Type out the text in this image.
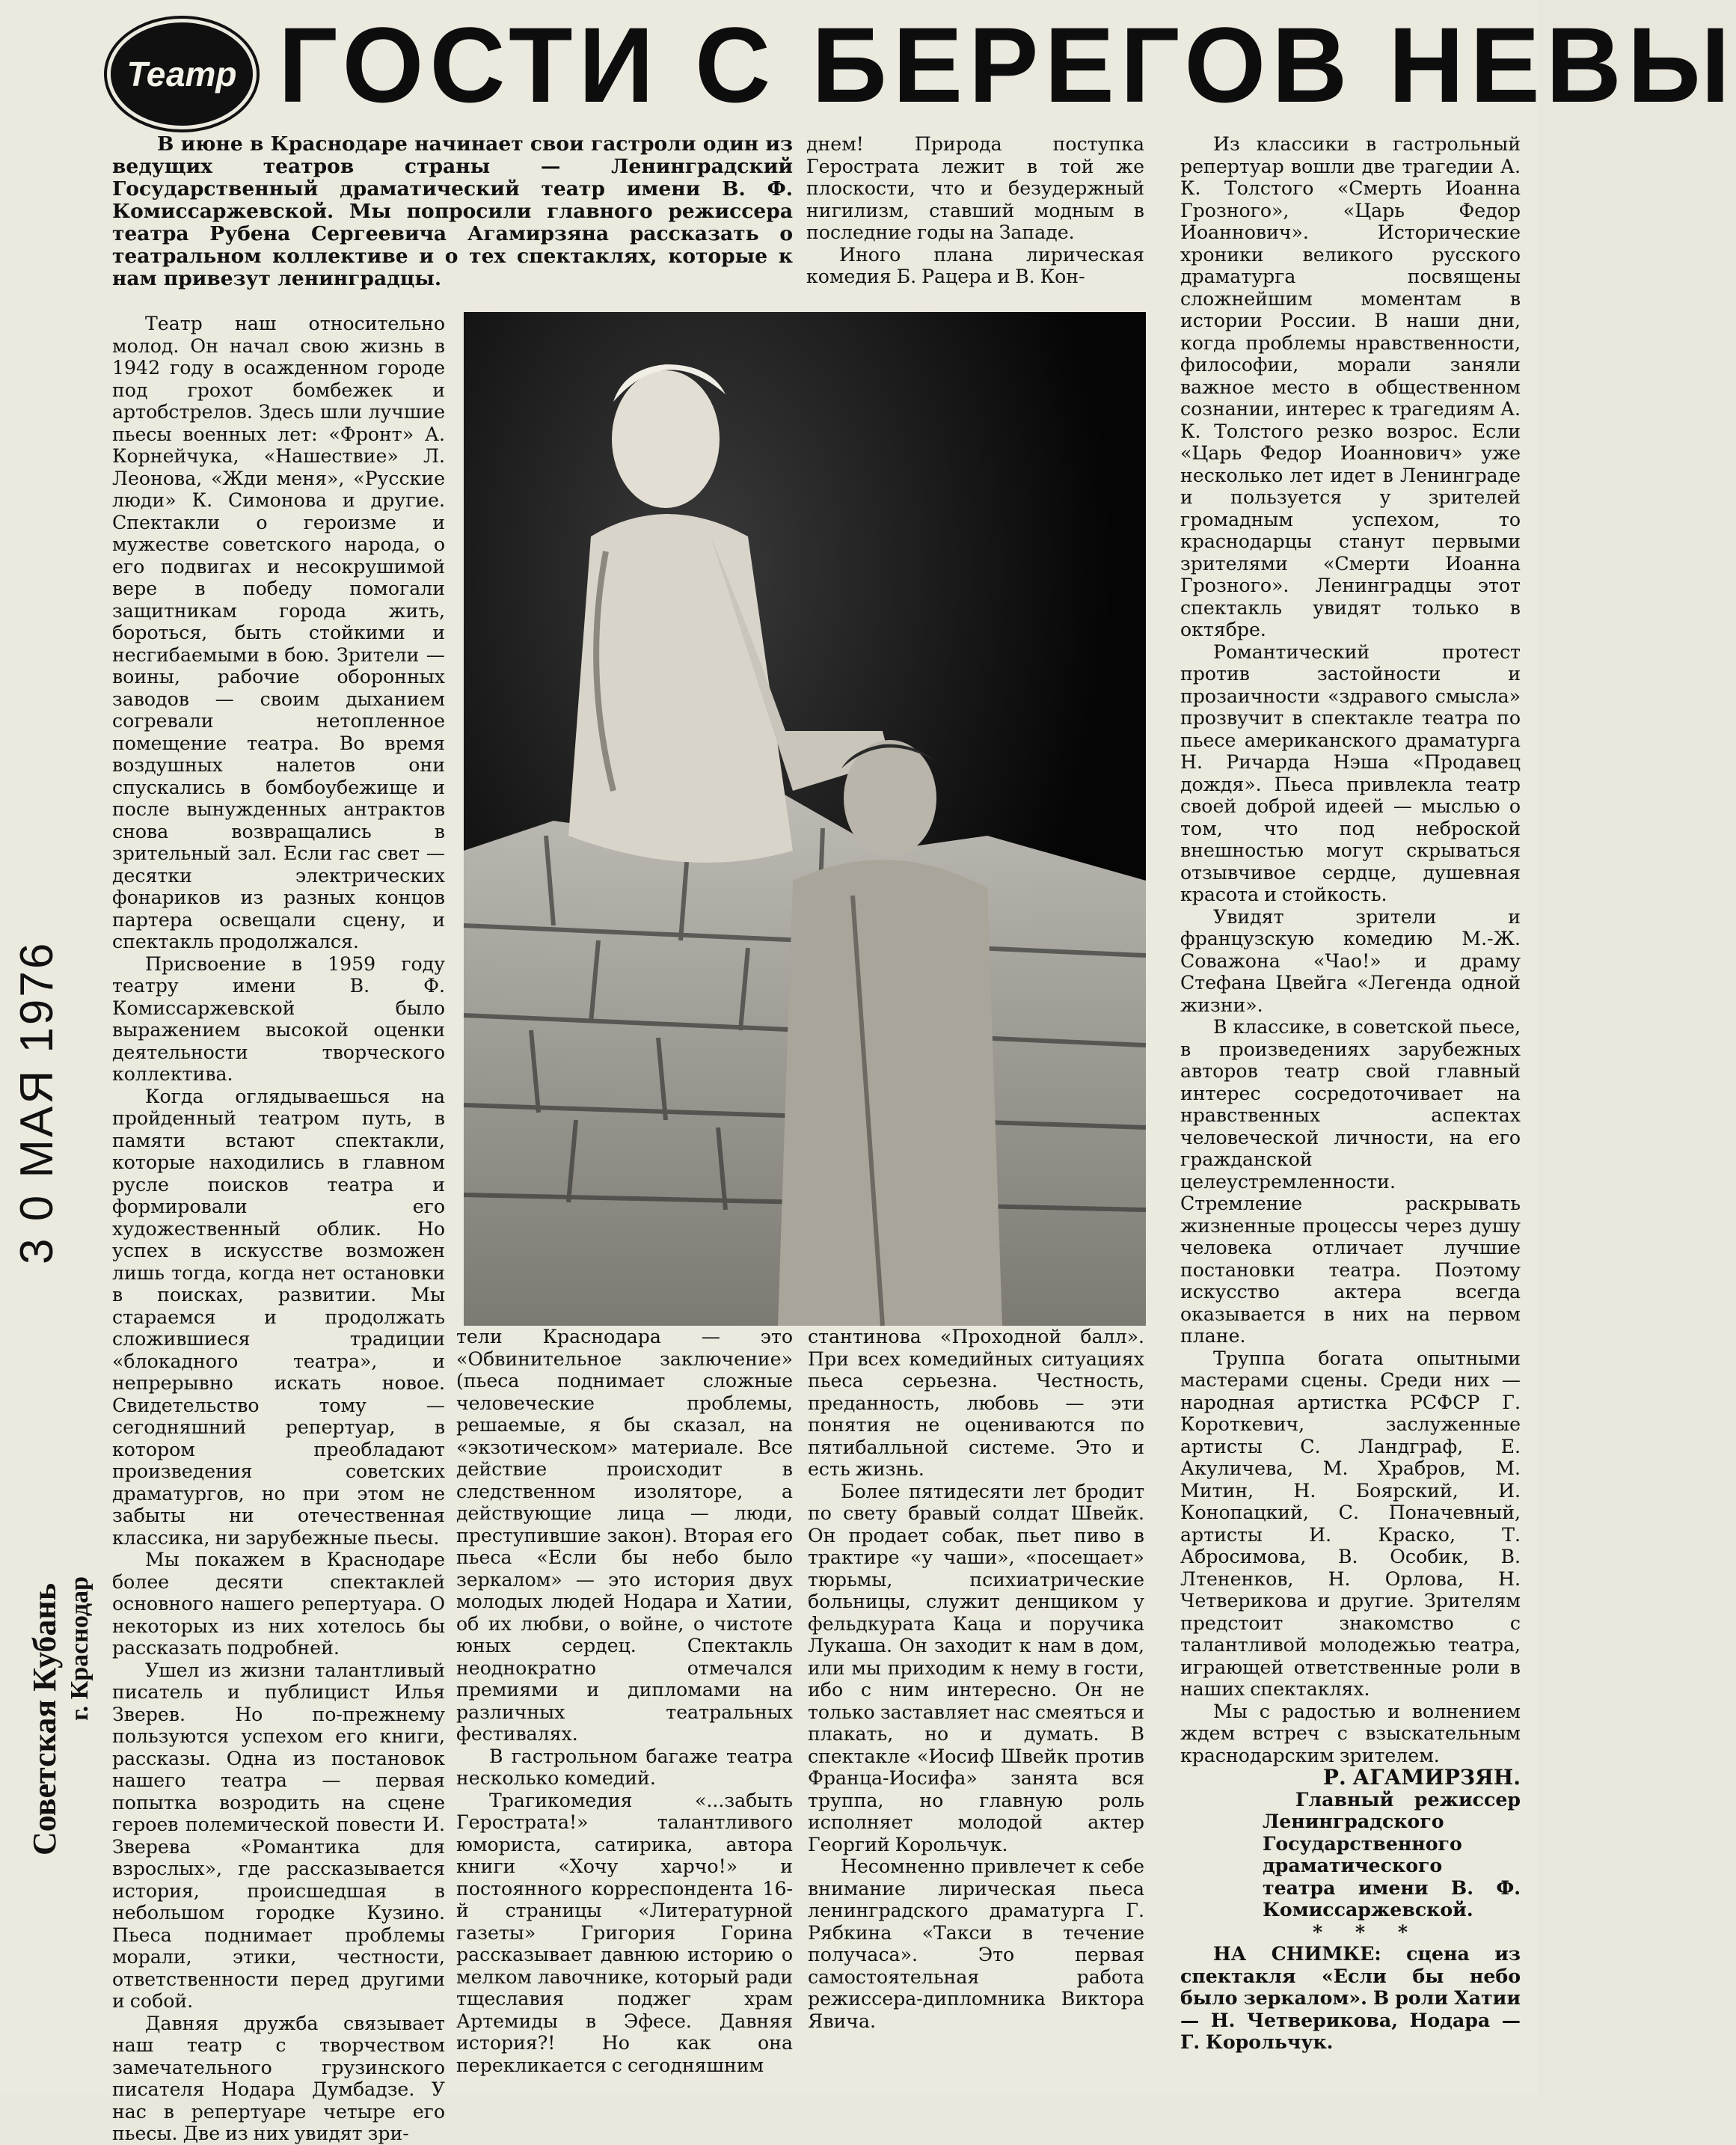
Театр ГОСТИ С БЕРЕГОВ НЕВЫ

В июне в Краснодаре начинает свои гастроли один из ведущих театров страны — Ленинградский Государственный драматический театр имени В. Ф. Комиссаржевской. Мы попросили главного режиссера театра Рубена Сергеевича Агамирзяна рассказать о театральном коллективе и о тех спектаклях, которые к нам привезут ленинградцы.

Театр наш относительно молод. Он начал свою жизнь в 1942 году в осажденном городе под грохот бомбежек и артобстрелов. Здесь шли лучшие пьесы военных лет: «Фронт» А. Корнейчука, «Нашествие» Л. Леонова, «Жди меня», «Русские люди» К. Симонова и другие. Спектакли о героизме и мужестве советского народа, о его подвигах и несокрушимой вере в победу помогали защитникам города жить, бороться, быть стойкими и несгибаемыми в бою. Зрители — воины, рабочие оборонных заводов — своим дыханием согревали нетопленное помещение театра. Во время воздушных налетов они спускались в бомбоубежище и после вынужденных антрактов снова возвращались в зрительный зал. Если гас свет — десятки электрических фонариков из разных концов партера освещали сцену, и спектакль продолжался.

Присвоение в 1959 году театру имени В. Ф. Комиссаржевской было выражением высокой оценки деятельности творческого коллектива.

Когда оглядываешься на пройденный театром путь, в памяти встают спектакли, которые находились в главном русле поисков театра и формировали его художественный облик. Но успех в искусстве возможен лишь тогда, когда нет остановки в поисках, развитии. Мы стараемся и продолжать сложившиеся традиции «блокадного театра», и непрерывно искать новое. Свидетельство тому — сегодняшний репертуар, в котором преобладают произведения советских драматургов, но при этом не забыты ни отечественная классика, ни зарубежные пьесы.

Мы покажем в Краснодаре более десяти спектаклей основного нашего репертуара. О некоторых из них хотелось бы рассказать подробней.

Ушел из жизни талантливый писатель и публицист Илья Зверев. Но по-прежнему пользуются успехом его книги, рассказы. Одна из постановок нашего театра — первая попытка возродить на сцене героев полемической повести И. Зверева «Романтика для взрослых», где рассказывается история, происшедшая в небольшом городке Кузино. Пьеса поднимает проблемы морали, этики, честности, ответственности перед другими и собой.

Давняя дружба связывает наш театр с творчеством замечательного грузинского писателя Нодара Думбадзе. У нас в репертуаре четыре его пьесы. Две из них увидят зри-

днем! Природа поступка Герострата лежит в той же плоскости, что и безудержный нигилизм, ставший модным в последние годы на Западе.

Иного плана лирическая комедия Б. Рацера и В. Кон-

тели Краснодара — это «Обвинительное заключение» (пьеса поднимает сложные человеческие проблемы, решаемые, я бы сказал, на «экзотическом» материале. Все действие происходит в следственном изоляторе, а действующие лица — люди, преступившие закон). Вторая его пьеса «Если бы небо было зеркалом» — это история двух молодых людей Нодара и Хатии, об их любви, о войне, о чистоте юных сердец. Спектакль неоднократно отмечался премиями и дипломами на различных театральных фестивалях.

В гастрольном багаже театра несколько комедий.

Трагикомедия «...забыть Герострата!» талантливого юмориста, сатирика, автора книги «Хочу харчо!» и постоянного корреспондента 16-й страницы «Литературной газеты» Григория Горина рассказывает давнюю историю о мелком лавочнике, который ради тщеславия поджег храм Артемиды в Эфесе. Давняя история?! Но как она перекликается с сегодняшним

стантинова «Проходной балл». При всех комедийных ситуациях пьеса серьезна. Честность, преданность, любовь — эти понятия не оцениваются по пятибалльной системе. Это и есть жизнь.

Более пятидесяти лет бродит по свету бравый солдат Швейк. Он продает собак, пьет пиво в трактире «у чаши», «посещает» тюрьмы, психиатрические больницы, служит денщиком у фельдкурата Каца и поручика Лукаша. Он заходит к нам в дом, или мы приходим к нему в гости, ибо с ним интересно. Он не только заставляет нас смеяться и плакать, но и думать. В спектакле «Иосиф Швейк против Франца-Иосифа» занята вся труппа, но главную роль исполняет молодой актер Георгий Корольчук.

Несомненно привлечет к себе внимание лирическая пьеса ленинградского драматурга Г. Рябкина «Такси в течение получаса». Это первая самостоятельная работа режиссера-дипломника Виктора Явича.

Из классики в гастрольный репертуар вошли две трагедии А. К. Толстого «Смерть Иоанна Грозного», «Царь Федор Иоаннович». Исторические хроники великого русского драматурга посвящены сложнейшим моментам в истории России. В наши дни, когда проблемы нравственности, философии, морали заняли важное место в общественном сознании, интерес к трагедиям А. К. Толстого резко возрос. Если «Царь Федор Иоаннович» уже несколько лет идет в Ленинграде и пользуется у зрителей громадным успехом, то краснодарцы станут первыми зрителями «Смерти Иоанна Грозного». Ленинградцы этот спектакль увидят только в октябре.

Романтический протест против застойности и прозаичности «здравого смысла» прозвучит в спектакле театра по пьесе американского драматурга Н. Ричарда Нэша «Продавец дождя». Пьеса привлекла театр своей доброй идеей — мыслью о том, что под неброской внешностью могут скрываться отзывчивое сердце, душевная красота и стойкость.

Увидят зрители и французскую комедию М.-Ж. Соважона «Чао!» и драму Стефана Цвейга «Легенда одной жизни».

В классике, в советской пьесе, в произведениях зарубежных авторов театр свой главный интерес сосредоточивает на нравственных аспектах человеческой личности, на его гражданской целеустремленности. Стремление раскрывать жизненные процессы через душу человека отличает лучшие постановки театра. Поэтому искусство актера всегда оказывается в них на первом плане.

Труппа богата опытными мастерами сцены. Среди них — народная артистка РСФСР Г. Короткевич, заслуженные артисты С. Ландграф, Е. Акуличева, М. Храбров, М. Митин, Н. Боярский, И. Конопацкий, С. Поначевный, артисты И. Краско, Т. Абросимова, В. Особик, В. Лтененков, Н. Орлова, Н. Четверикова и другие. Зрителям предстоит знакомство с талантливой молодежью театра, играющей ответственные роли в наших спектаклях.

Мы с радостью и волнением ждем встреч с взыскательным краснодарским зрителем.

Р. АГАМИРЗЯН.

Главный режиссер Ленинградского Государственного драматического театра имени В. Ф. Комиссаржевской.

* * *

НА СНИМКЕ: сцена из спектакля «Если бы небо было зеркалом». В роли Хатии — Н. Четверикова, Нодара — Г. Корольчук.

3 0 МАЯ 1976
Советская Кубань г. Краснодар
